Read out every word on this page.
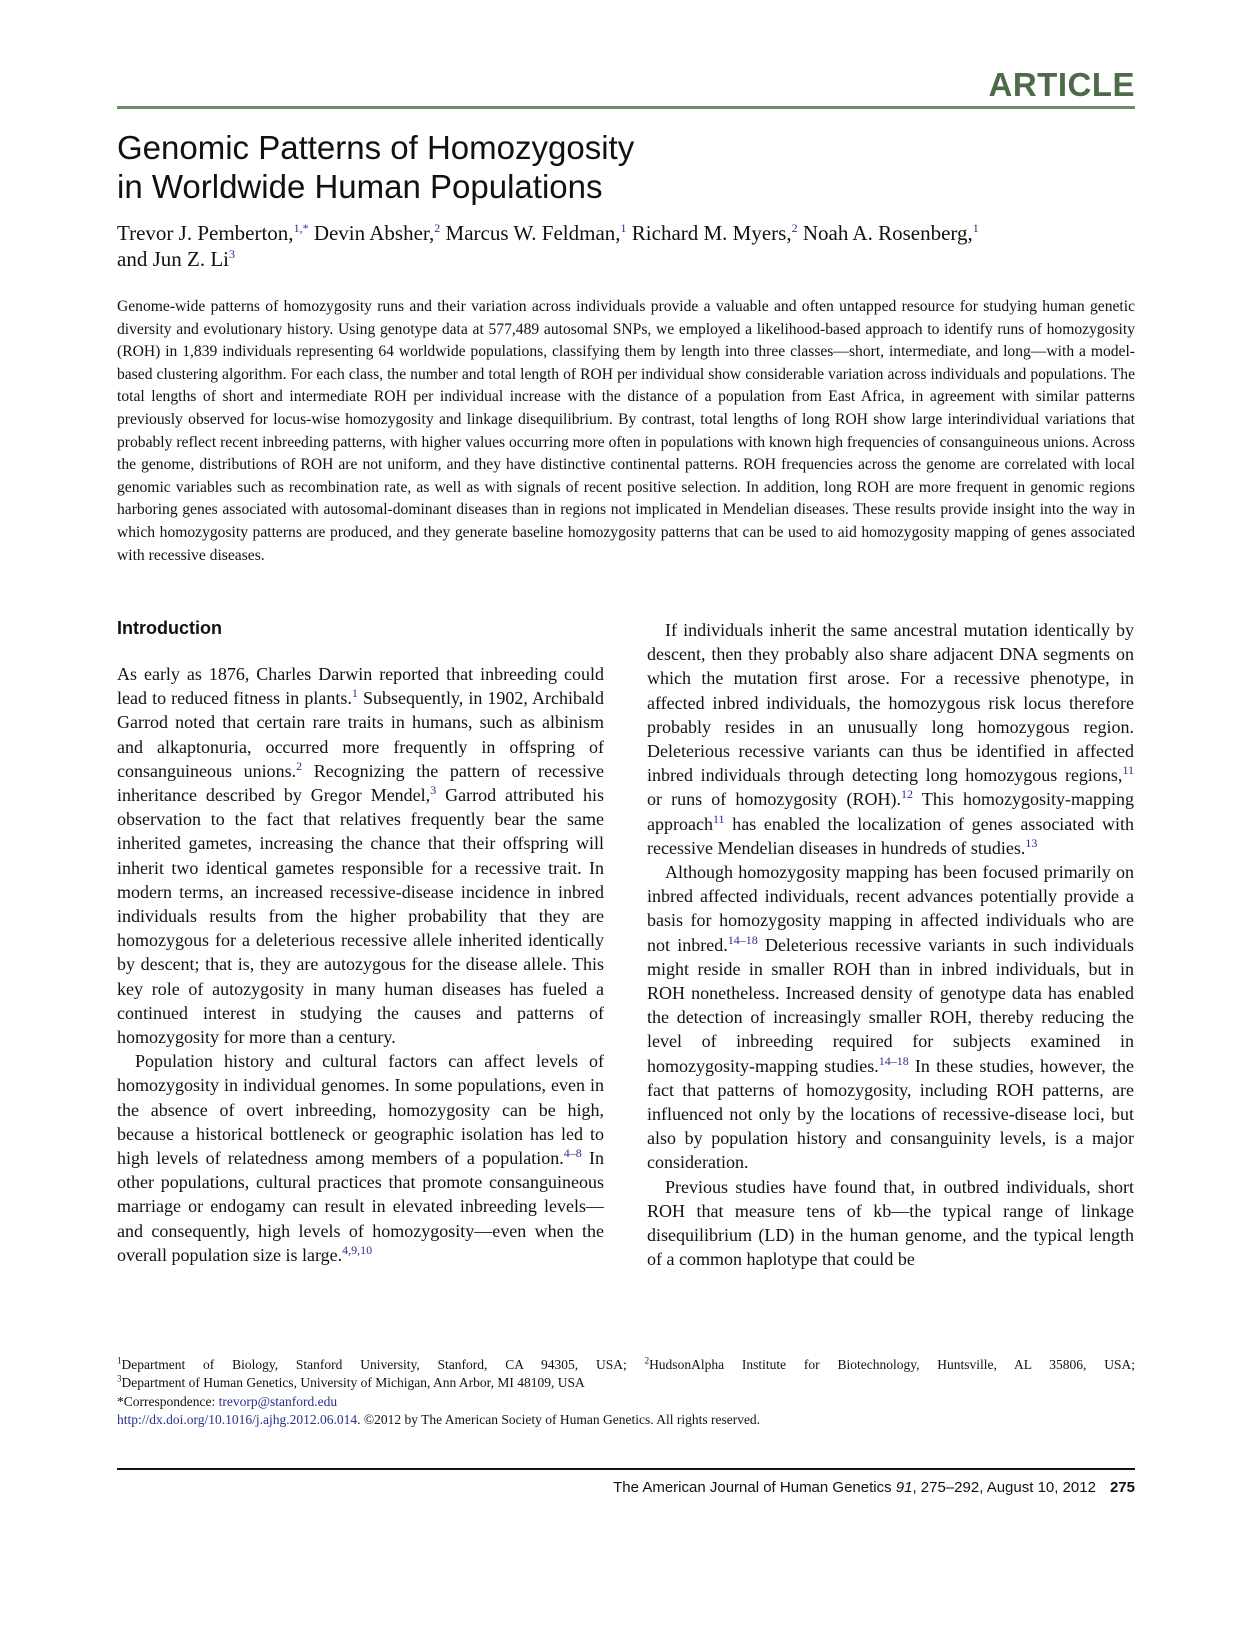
ARTICLE
Genomic Patterns of Homozygosity
in Worldwide Human Populations
Trevor J. Pemberton,$^{1,*}$ Devin Absher,$^2$ Marcus W. Feldman,$^1$ Richard M. Myers,$^2$ Noah A. Rosenberg,$^1$
and Jun Z. Li$^3$

Genome-wide patterns of homozygosity runs and their variation across individuals provide a valuable and often untapped resource for studying human genetic diversity and evolutionary history. Using genotype data at 577,489 autosomal SNPs, we employed a likelihood-based approach to identify runs of homozygosity (ROH) in 1,839 individuals representing 64 worldwide populations, classifying them by length into three classes—short, intermediate, and long—with a model-based clustering algorithm. For each class, the number and total length of ROH per individual show considerable variation across individuals and populations. The total lengths of short and intermediate ROH per individual increase with the distance of a population from East Africa, in agreement with similar patterns previously observed for locus-wise homozygosity and linkage disequilibrium. By contrast, total lengths of long ROH show large interindividual variations that probably reflect recent inbreeding patterns, with higher values occurring more often in populations with known high frequencies of consanguineous unions. Across the genome, distributions of ROH are not uniform, and they have distinctive continental patterns. ROH frequencies across the genome are correlated with local genomic variables such as recombination rate, as well as with signals of recent positive selection. In addition, long ROH are more frequent in genomic regions harboring genes associated with autosomal-dominant diseases than in regions not implicated in Mendelian diseases. These results provide insight into the way in which homozygosity patterns are produced, and they generate baseline homozygosity patterns that can be used to aid homozygosity mapping of genes associated with recessive diseases.

Introduction

As early as 1876, Charles Darwin reported that inbreeding could lead to reduced fitness in plants.$^1$ Subsequently, in 1902, Archibald Garrod noted that certain rare traits in humans, such as albinism and alkaptonuria, occurred more frequently in offspring of consanguineous unions.$^2$ Recognizing the pattern of recessive inheritance described by Gregor Mendel,$^3$ Garrod attributed his observation to the fact that relatives frequently bear the same inherited gametes, increasing the chance that their offspring will inherit two identical gametes responsible for a recessive trait. In modern terms, an increased recessive-disease incidence in inbred individuals results from the higher probability that they are homozygous for a deleterious recessive allele inherited identically by descent; that is, they are autozygous for the disease allele. This key role of autozygosity in many human diseases has fueled a continued interest in studying the causes and patterns of homozygosity for more than a century.

Population history and cultural factors can affect levels of homozygosity in individual genomes. In some populations, even in the absence of overt inbreeding, homozygosity can be high, because a historical bottleneck or geographic isolation has led to high levels of relatedness among members of a population.$^{4-8}$ In other populations, cultural practices that promote consanguineous marriage or endogamy can result in elevated inbreeding levels—and consequently, high levels of homozygosity—even when the overall population size is large.$^{4,9,10}$

If individuals inherit the same ancestral mutation identically by descent, then they probably also share adjacent DNA segments on which the mutation first arose. For a recessive phenotype, in affected inbred individuals, the homozygous risk locus therefore probably resides in an unusually long homozygous region. Deleterious recessive variants can thus be identified in affected inbred individuals through detecting long homozygous regions,$^{11}$ or runs of homozygosity (ROH).$^{12}$ This homozygosity-mapping approach$^{11}$ has enabled the localization of genes associated with recessive Mendelian diseases in hundreds of studies.$^{13}$

Although homozygosity mapping has been focused primarily on inbred affected individuals, recent advances potentially provide a basis for homozygosity mapping in affected individuals who are not inbred.$^{14-18}$ Deleterious recessive variants in such individuals might reside in smaller ROH than in inbred individuals, but in ROH nonetheless. Increased density of genotype data has enabled the detection of increasingly smaller ROH, thereby reducing the level of inbreeding required for subjects examined in homozygosity-mapping studies.$^{14-18}$ In these studies, however, the fact that patterns of homozygosity, including ROH patterns, are influenced not only by the locations of recessive-disease loci, but also by population history and consanguinity levels, is a major consideration.

Previous studies have found that, in outbred individuals, short ROH that measure tens of kb—the typical range of linkage disequilibrium (LD) in the human genome, and the typical length of a common haplotype that could be

$^1$Department of Biology, Stanford University, Stanford, CA 94305, USA; $^2$HudsonAlpha Institute for Biotechnology, Huntsville, AL 35806, USA;
$^3$Department of Human Genetics, University of Michigan, Ann Arbor, MI 48109, USA
*Correspondence: trevorp@stanford.edu
http://dx.doi.org/10.1016/j.ajhg.2012.06.014. ©2012 by The American Society of Human Genetics. All rights reserved.
The American Journal of Human Genetics 91, 275–292, August 10, 2012 275
